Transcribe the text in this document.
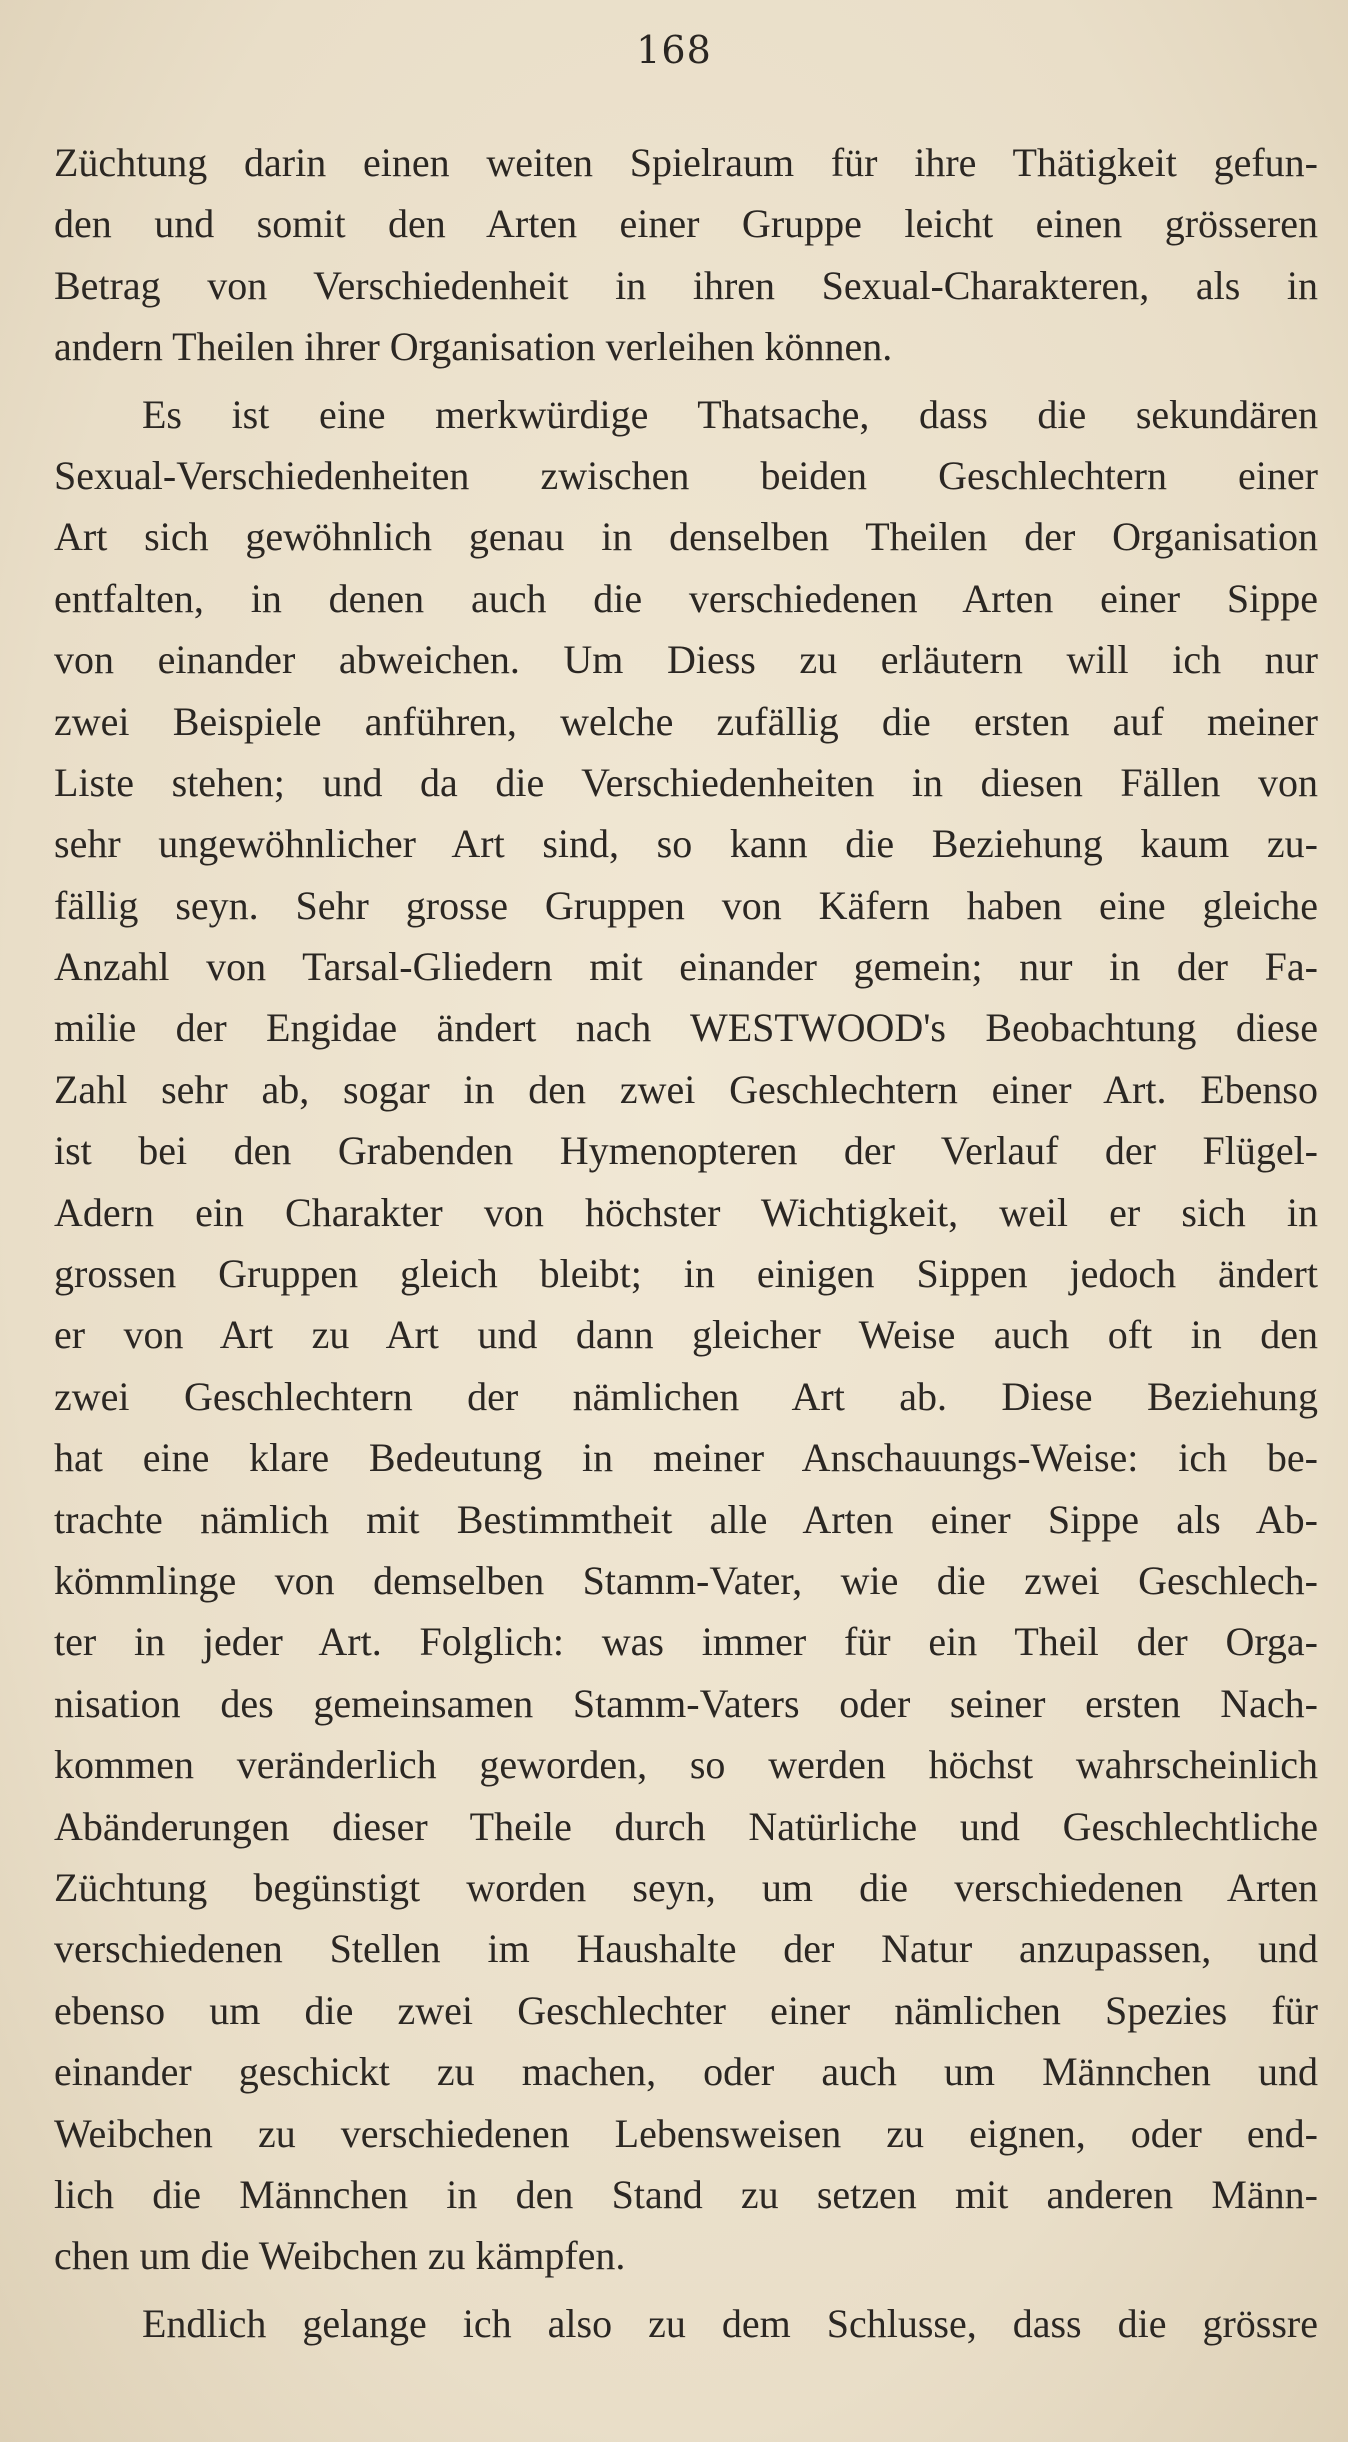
168
Züchtung darin einen weiten Spielraum für ihre Thätigkeit gefun-
den und somit den Arten einer Gruppe leicht einen grösseren
Betrag von Verschiedenheit in ihren Sexual-Charakteren, als in
andern Theilen ihrer Organisation verleihen können.
Es ist eine merkwürdige Thatsache, dass die sekundären
Sexual-Verschiedenheiten zwischen beiden Geschlechtern einer
Art sich gewöhnlich genau in denselben Theilen der Organisation
entfalten, in denen auch die verschiedenen Arten einer Sippe
von einander abweichen. Um Diess zu erläutern will ich nur
zwei Beispiele anführen, welche zufällig die ersten auf meiner
Liste stehen; und da die Verschiedenheiten in diesen Fällen von
sehr ungewöhnlicher Art sind, so kann die Beziehung kaum zu-
fällig seyn. Sehr grosse Gruppen von Käfern haben eine gleiche
Anzahl von Tarsal-Gliedern mit einander gemein; nur in der Fa-
milie der Engidae ändert nach WESTWOOD's Beobachtung diese
Zahl sehr ab, sogar in den zwei Geschlechtern einer Art. Ebenso
ist bei den Grabenden Hymenopteren der Verlauf der Flügel-
Adern ein Charakter von höchster Wichtigkeit, weil er sich in
grossen Gruppen gleich bleibt; in einigen Sippen jedoch ändert
er von Art zu Art und dann gleicher Weise auch oft in den
zwei Geschlechtern der nämlichen Art ab. Diese Beziehung
hat eine klare Bedeutung in meiner Anschauungs-Weise: ich be-
trachte nämlich mit Bestimmtheit alle Arten einer Sippe als Ab-
kömmlinge von demselben Stamm-Vater, wie die zwei Geschlech-
ter in jeder Art. Folglich: was immer für ein Theil der Orga-
nisation des gemeinsamen Stamm-Vaters oder seiner ersten Nach-
kommen veränderlich geworden, so werden höchst wahrscheinlich
Abänderungen dieser Theile durch Natürliche und Geschlechtliche
Züchtung begünstigt worden seyn, um die verschiedenen Arten
verschiedenen Stellen im Haushalte der Natur anzupassen, und
ebenso um die zwei Geschlechter einer nämlichen Spezies für
einander geschickt zu machen, oder auch um Männchen und
Weibchen zu verschiedenen Lebensweisen zu eignen, oder end-
lich die Männchen in den Stand zu setzen mit anderen Männ-
chen um die Weibchen zu kämpfen.
Endlich gelange ich also zu dem Schlusse, dass die grössre
